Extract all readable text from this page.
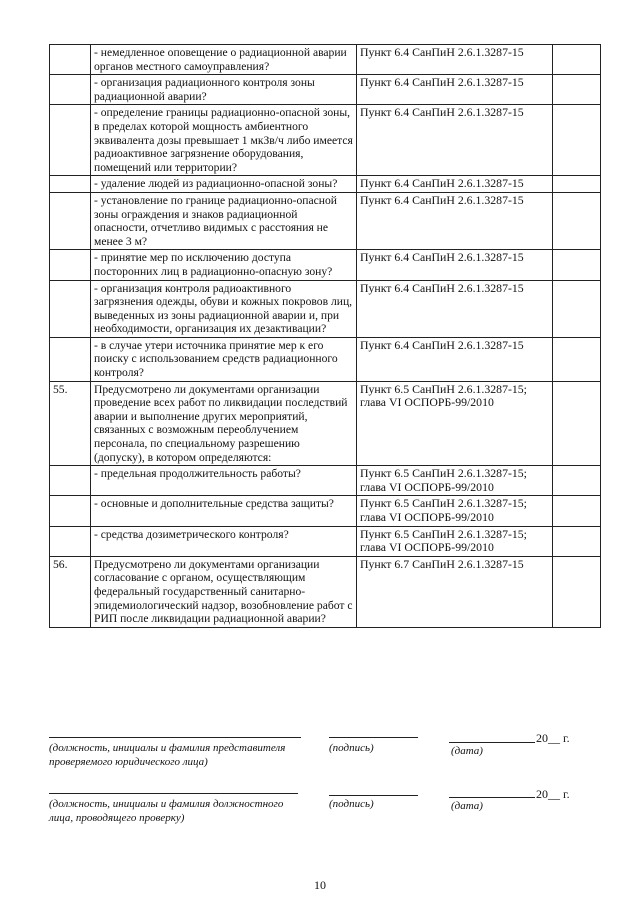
	- немедленное оповещение о радиационной аварии органов местного самоуправления?	Пункт 6.4 СанПиН 2.6.1.3287-15	
	- организация радиационного контроля зоны радиационной аварии?	Пункт 6.4 СанПиН 2.6.1.3287-15	
	- определение границы радиационно-опасной зоны, в пределах которой мощность амбиентного эквивалента дозы превышает 1 мкЗв/ч либо имеется радиоактивное загрязнение оборудования, помещений или территории?	Пункт 6.4 СанПиН 2.6.1.3287-15	
	- удаление людей из радиационно-опасной зоны?	Пункт 6.4 СанПиН 2.6.1.3287-15	
	- установление по границе радиационно-опасной зоны ограждения и знаков радиационной опасности, отчетливо видимых с расстояния не менее 3 м?	Пункт 6.4 СанПиН 2.6.1.3287-15	
	- принятие мер по исключению доступа посторонних лиц в радиационно-опасную зону?	Пункт 6.4 СанПиН 2.6.1.3287-15	
	- организация контроля радиоактивного загрязнения одежды, обуви и кожных покровов лиц, выведенных из зоны радиационной аварии и, при необходимости, организация их дезактивации?	Пункт 6.4 СанПиН 2.6.1.3287-15	
	- в случае утери источника принятие мер к его поиску с использованием средств радиационного контроля?	Пункт 6.4 СанПиН 2.6.1.3287-15	
55.	Предусмотрено ли документами организации проведение всех работ по ликвидации последствий аварии и выполнение других мероприятий, связанных с возможным переоблучением персонала, по специальному разрешению (допуску), в котором определяются:	Пункт 6.5 СанПиН 2.6.1.3287-15; глава VI ОСПОРБ-99/2010	
	- предельная продолжительность работы?	Пункт 6.5 СанПиН 2.6.1.3287-15; глава VI ОСПОРБ-99/2010	
	- основные и дополнительные средства защиты?	Пункт 6.5 СанПиН 2.6.1.3287-15; глава VI ОСПОРБ-99/2010	
	- средства дозиметрического контроля?	Пункт 6.5 СанПиН 2.6.1.3287-15; глава VI ОСПОРБ-99/2010	
56.	Предусмотрено ли документами организации согласование с органом, осуществляющим федеральный государственный санитарно-эпидемиологический надзор, возобновление работ с РИП после ликвидации радиационной аварии?	Пункт 6.7 СанПиН 2.6.1.3287-15	
20__ г.
(должность, инициалы и фамилия представителя проверяемого юридического лица)
(подпись)	(дата)
20__ г.
(должность, инициалы и фамилия должностного лица, проводящего проверку)
(подпись)	(дата)
10
